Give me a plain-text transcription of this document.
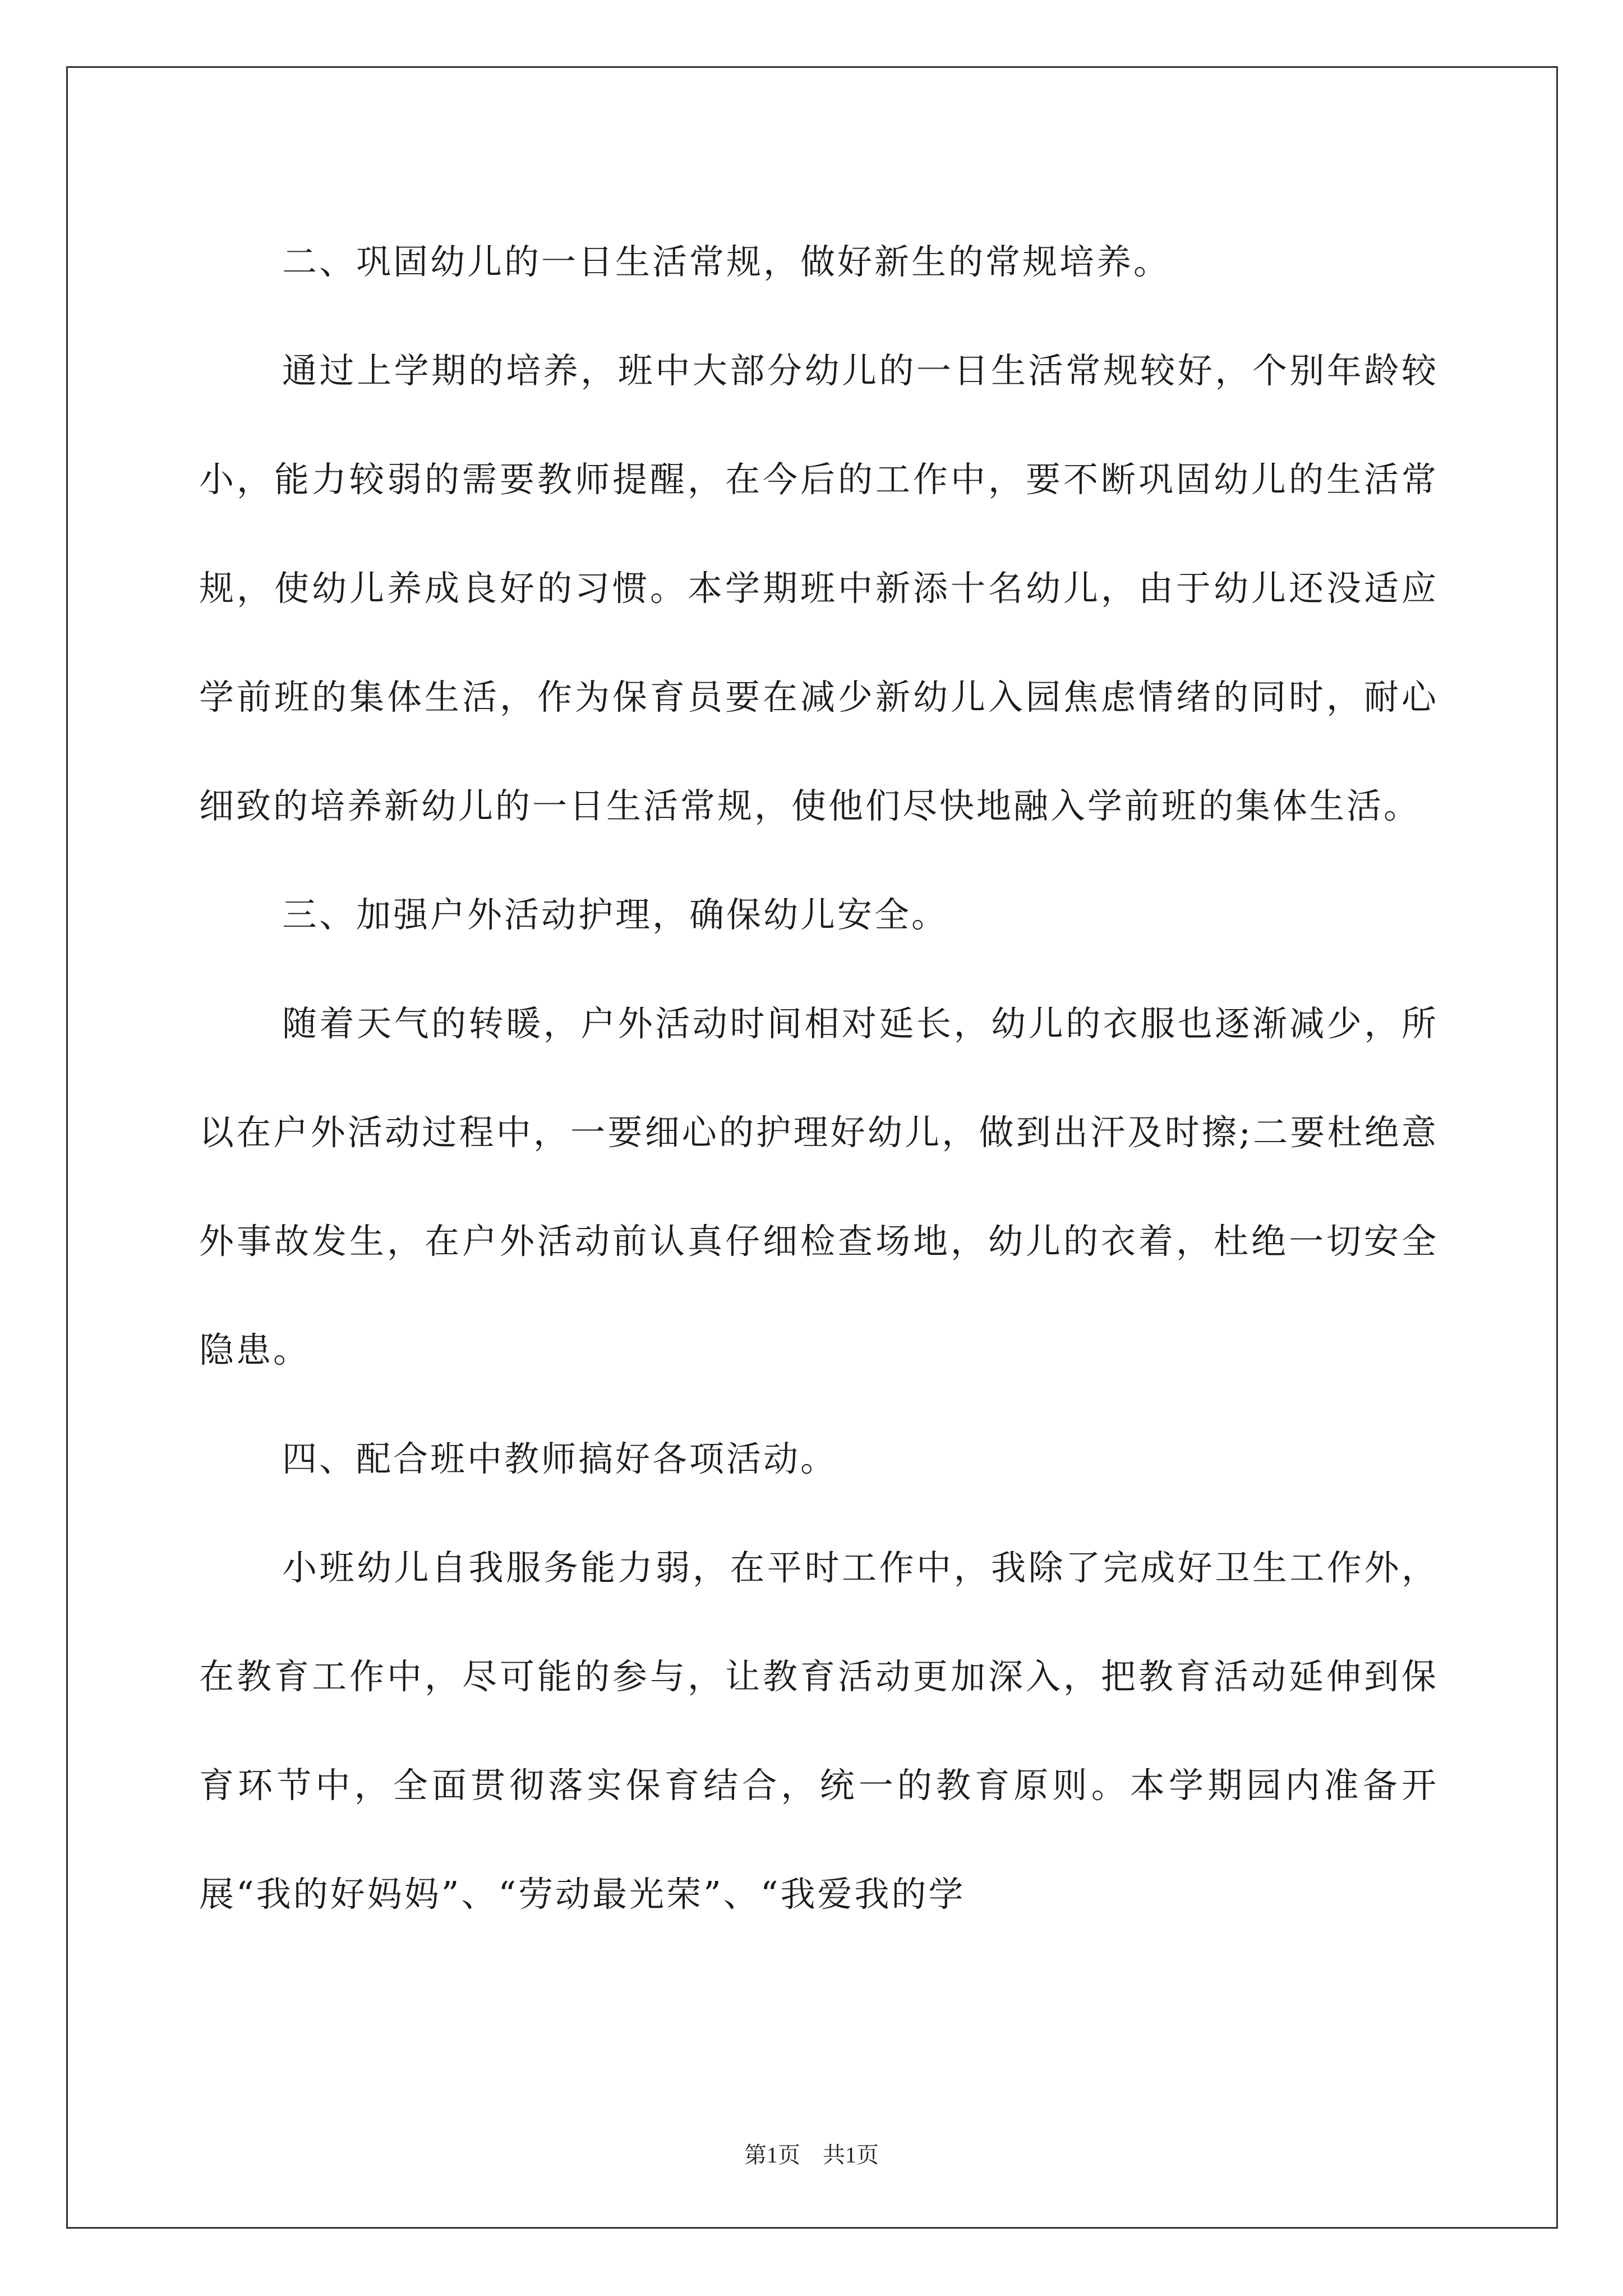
二、巩固幼儿的一日生活常规，做好新生的常规培养。

通过上学期的培养，班中大部分幼儿的一日生活常规较好，个别年龄较小，能力较弱的需要教师提醒，在今后的工作中，要不断巩固幼儿的生活常规，使幼儿养成良好的习惯。本学期班中新添十名幼儿，由于幼儿还没适应学前班的集体生活，作为保育员要在减少新幼儿入园焦虑情绪的同时，耐心细致的培养新幼儿的一日生活常规，使他们尽快地融入学前班的集体生活。

三、加强户外活动护理，确保幼儿安全。

随着天气的转暖，户外活动时间相对延长，幼儿的衣服也逐渐减少，所以在户外活动过程中，一要细心的护理好幼儿，做到出汗及时擦;二要杜绝意外事故发生，在户外活动前认真仔细检查场地，幼儿的衣着，杜绝一切安全隐患。

四、配合班中教师搞好各项活动。

小班幼儿自我服务能力弱，在平时工作中，我除了完成好卫生工作外，在教育工作中，尽可能的参与，让教育活动更加深入，把教育活动延伸到保育环节中，全面贯彻落实保育结合，统一的教育原则。本学期园内准备开展“我的好妈妈”、“劳动最光荣”、“我爱我的学

第1页 共1页
